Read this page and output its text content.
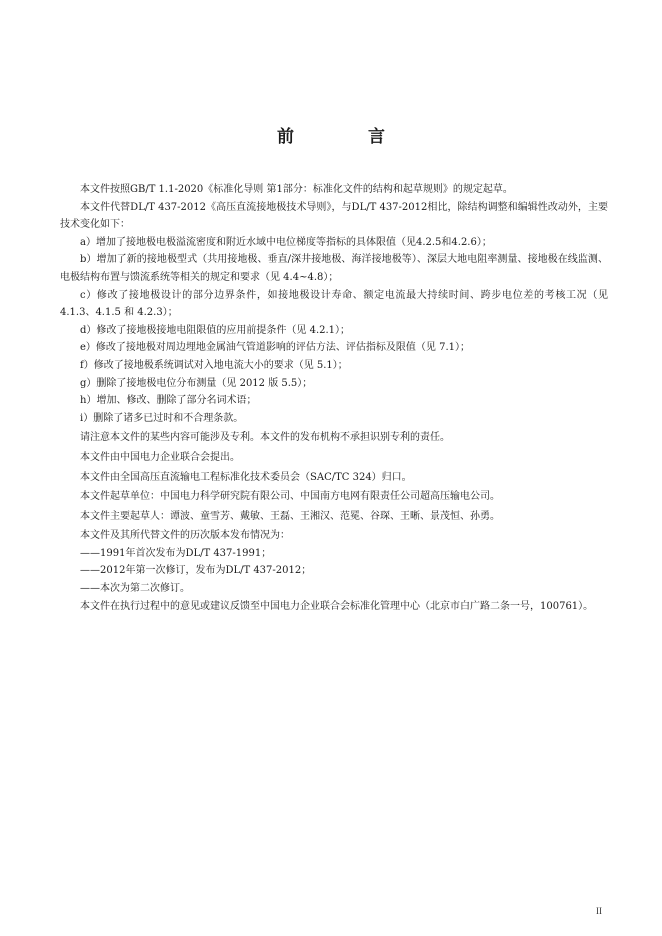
前 言

本文件按照GB/T 1.1-2020《标准化导则 第1部分：标准化文件的结构和起草规则》的规定起草。

本文件代替DL/T 437-2012《高压直流接地极技术导则》，与DL/T 437-2012相比，除结构调整和编辑性改动外，主要技术变化如下：

a）增加了接地极电极溢流密度和附近水域中电位梯度等指标的具体限值（见4.2.5和4.2.6）；

b）增加了新的接地极型式（共用接地极、垂直/深井接地极、海洋接地极等）、深层大地电阻率测量、接地极在线监测、电极结构布置与馈流系统等相关的规定和要求（见 4.4~4.8）；

c）修改了接地极设计的部分边界条件，如接地极设计寿命、额定电流最大持续时间、跨步电位差的考核工况（见 4.1.3、4.1.5 和 4.2.3）；

d）修改了接地极接地电阻限值的应用前提条件（见 4.2.1）；

e）修改了接地极对周边埋地金属油气管道影响的评估方法、评估指标及限值（见 7.1）；

f）修改了接地极系统调试对入地电流大小的要求（见 5.1）；

g）删除了接地极电位分布测量（见 2012 版 5.5）；

h）增加、修改、删除了部分名词术语；

i）删除了诸多已过时和不合理条款。

请注意本文件的某些内容可能涉及专利。本文件的发布机构不承担识别专利的责任。

本文件由中国电力企业联合会提出。

本文件由全国高压直流输电工程标准化技术委员会（SAC/TC 324）归口。

本文件起草单位：中国电力科学研究院有限公司、中国南方电网有限责任公司超高压输电公司。

本文件主要起草人：谭波、童雪芳、戴敏、王磊、王湘汉、范冕、谷琛、王晰、景茂恒、孙勇。

本文件及其所代替文件的历次版本发布情况为：

——1991年首次发布为DL/T 437-1991；

——2012年第一次修订，发布为DL/T 437-2012；

——本次为第二次修订。

本文件在执行过程中的意见或建议反馈至中国电力企业联合会标准化管理中心（北京市白广路二条一号，100761）。

II
